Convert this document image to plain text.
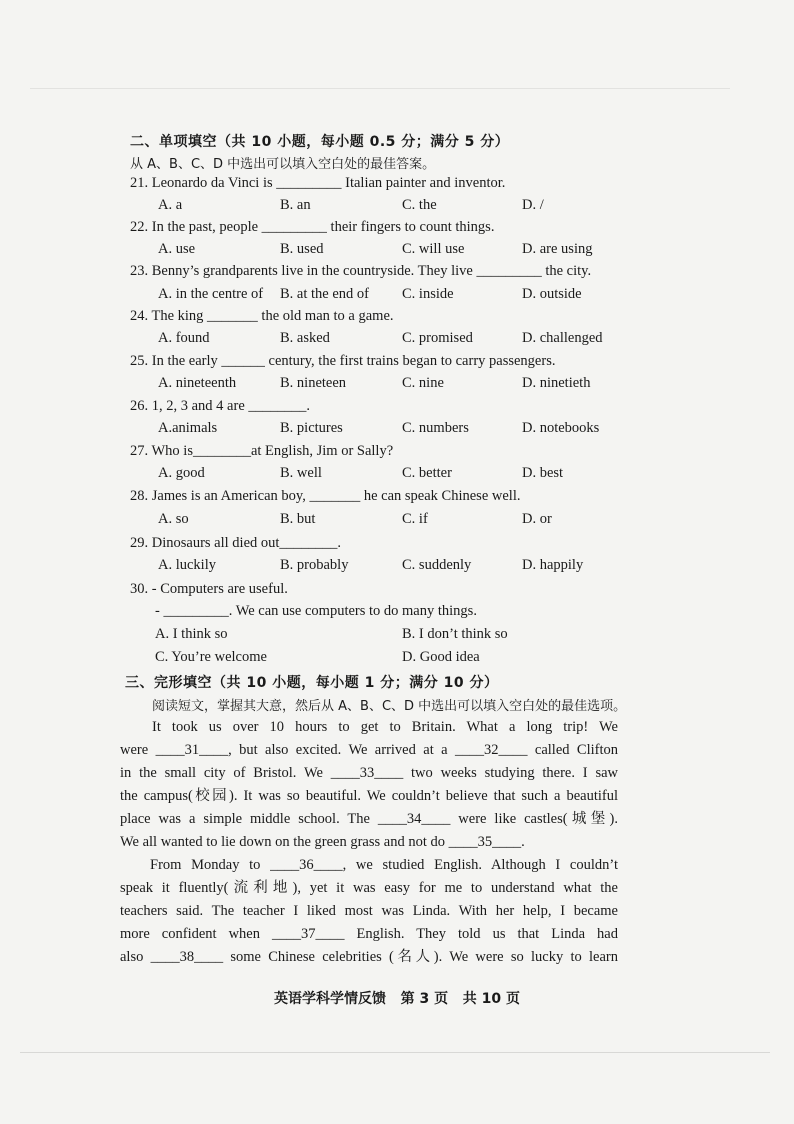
二、单项填空（共 10 小题，每小题 0.5 分；满分 5 分）
从 A、B、C、D 中选出可以填入空白处的最佳答案。
21. Leonardo da Vinci is _________ Italian painter and inventor.
A. a	B. an	C. the	D. /
22. In the past, people _________ their fingers to count things.
A. use	B. used	C. will use	D. are using
23. Benny’s grandparents live in the countryside. They live _________ the city.
A. in the centre of B. at the end of C. inside	D. outside
24. The king _______ the old man to a game.
A. found	B. asked	C. promised	D. challenged
25. In the early ______ century, the first trains began to carry passengers.
A. nineteenth	B. nineteen	C. nine	D. ninetieth
26. 1, 2, 3 and 4 are ________.
A.animals	B. pictures	C. numbers	D. notebooks
27. Who is________at English, Jim or Sally?
A. good	B. well	C. better	D. best
28. James is an American boy, _______ he can speak Chinese well.
A. so	B. but	C. if	D. or
29. Dinosaurs all died out________.
A. luckily	B. probably	C. suddenly	D. happily
30. - Computers are useful.
- _________. We can use computers to do many things.
A. I think so	B. I don’t think so
C. You’re welcome	D. Good idea
三、完形填空（共 10 小题，每小题 1 分；满分 10 分）
阅读短文，掌握其大意，然后从 A、B、C、D 中选出可以填入空白处的最佳选项。
It took us over 10 hours to get to Britain. What a long trip! We
were ____31____, but also excited. We arrived at a ____32____ called Clifton
in the small city of Bristol. We ____33____ two weeks studying there. I saw
the campus(校园). It was so beautiful. We couldn’t believe that such a beautiful
place was a simple middle school. The ____34____ were like castles(城堡).
We all wanted to lie down on the green grass and not do ____35____.
From Monday to ____36____, we studied English. Although I couldn’t
speak it fluently(流利地), yet it was easy for me to understand what the
teachers said. The teacher I liked most was Linda. With her help, I became
more confident when ____37____ English. They told us that Linda had
also ____38____ some Chinese celebrities (名人). We were so lucky to learn
英语学科学情反馈   第 3 页   共 10 页
